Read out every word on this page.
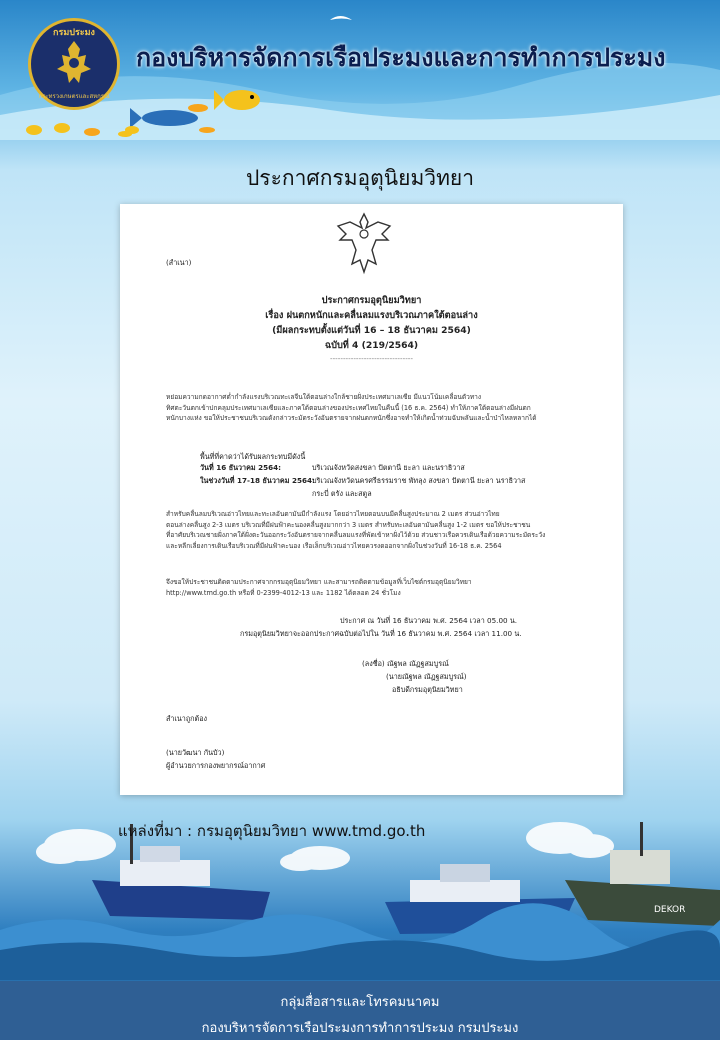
กรมประมง
กระทรวงเกษตรและสหกรณ์
กองบริหารจัดการเรือประมงและการทำการประมง
ประกาศกรมอุตุนิยมวิทยา
(สำเนา)
ประกาศกรมอุตุนิยมวิทยา
เรื่อง ฝนตกหนักและคลื่นลมแรงบริเวณภาคใต้ตอนล่าง
(มีผลกระทบตั้งแต่วันที่ 16 – 18 ธันวาคม 2564)
ฉบับที่ 4 (219/2564)
--------------------------------
หย่อมความกดอากาศต่ำกำลังแรงบริเวณทะเลจีนใต้ตอนล่างใกล้ชายฝั่งประเทศมาเลเซีย มีแนวโน้มเคลื่อนตัวทาง
ทิศตะวันตกเข้าปกคลุมประเทศมาเลเซียและภาคใต้ตอนล่างของประเทศไทยในคืนนี้ (16 ธ.ค. 2564) ทำให้ภาคใต้ตอนล่างมีฝนตก
หนักบางแห่ง ขอให้ประชาชนบริเวณดังกล่าวระมัดระวังอันตรายจากฝนตกหนักซึ่งอาจทำให้เกิดน้ำท่วมฉับพลันและน้ำป่าไหลหลากได้
พื้นที่ที่คาดว่าได้รับผลกระทบมีดังนี้
วันที่ 16 ธันวาคม 2564:	บริเวณจังหวัดสงขลา ปัตตานี ยะลา และนราธิวาส
ในช่วงวันที่ 17-18 ธันวาคม 2564:
บริเวณจังหวัดนครศรีธรรมราช พัทลุง สงขลา ปัตตานี ยะลา นราธิวาส
กระบี่ ตรัง และสตูล
สำหรับคลื่นลมบริเวณอ่าวไทยและทะเลอันดามันมีกำลังแรง โดยอ่าวไทยตอนบนมีคลื่นสูงประมาณ 2 เมตร ส่วนอ่าวไทย
ตอนล่างคลื่นสูง 2-3 เมตร บริเวณที่มีฝนฟ้าคะนองคลื่นสูงมากกว่า 3 เมตร สำหรับทะเลอันดามันคลื่นสูง 1-2 เมตร ขอให้ประชาชน
ที่อาศัยบริเวณชายฝั่งภาคใต้ฝั่งตะวันออกระวังอันตรายจากคลื่นลมแรงที่พัดเข้าหาฝั่งไว้ด้วย ส่วนชาวเรือควรเดินเรือด้วยความระมัดระวัง
และหลีกเลี่ยงการเดินเรือบริเวณที่มีฝนฟ้าคะนอง เรือเล็กบริเวณอ่าวไทยควรงดออกจากฝั่งในช่วงวันที่ 16-18 ธ.ค. 2564
จึงขอให้ประชาชนติดตามประกาศจากกรมอุตุนิยมวิทยา และสามารถติดตามข้อมูลที่เว็บไซต์กรมอุตุนิยมวิทยา
http://www.tmd.go.th หรือที่ 0-2399-4012-13 และ 1182 ได้ตลอด 24 ชั่วโมง
ประกาศ ณ วันที่ 16 ธันวาคม พ.ศ. 2564 เวลา 05.00 น.
กรมอุตุนิยมวิทยาจะออกประกาศฉบับต่อไปใน วันที่ 16 ธันวาคม พ.ศ. 2564 เวลา 11.00 น.
(ลงชื่อ) ณัฐพล ณัฏฐสมบูรณ์
(นายณัฐพล ณัฏฐสมบูรณ์)
อธิบดีกรมอุตุนิยมวิทยา
สำเนาถูกต้อง
(นายวัฒนา กันบัว)
ผู้อำนวยการกองพยากรณ์อากาศ
DEKOR
แหล่งที่มา : กรมอุตุนิยมวิทยา www.tmd.go.th
กลุ่มสื่อสารและโทรคมนาคม
กองบริหารจัดการเรือประมงการทำการประมง กรมประมง
